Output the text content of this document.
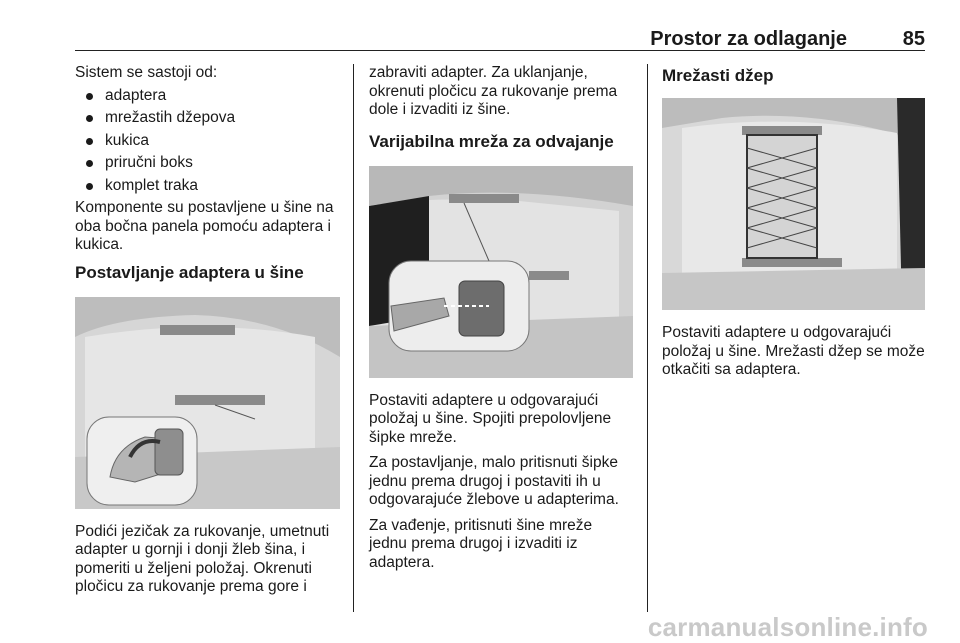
Prostor za odlaganje	85

Sistem se sastoji od:

adaptera
mrežastih džepova
kukica
priručni boks
komplet traka

Komponente su postavljene u šine na oba bočna panela pomoću adaptera i kukica.

Postavljanje adaptera u šine

Podići jezičak za rukovanje, umetnuti adapter u gornji i donji žleb šina, i pomeriti u željeni položaj. Okrenuti pločicu za rukovanje prema gore i

zabraviti adapter. Za uklanjanje, okrenuti pločicu za rukovanje prema dole i izvaditi iz šine.

Varijabilna mreža za odvajanje

Postaviti adaptere u odgovarajući položaj u šine. Spojiti prepolovljene šipke mreže.

Za postavljanje, malo pritisnuti šipke jednu prema drugoj i postaviti ih u odgovarajuće žlebove u adapterima.

Za vađenje, pritisnuti šine mreže jednu prema drugoj i izvaditi iz adaptera.

Mrežasti džep

Postaviti adaptere u odgovarajući položaj u šine. Mrežasti džep se može otkačiti sa adaptera.

carmanualsonline.info
